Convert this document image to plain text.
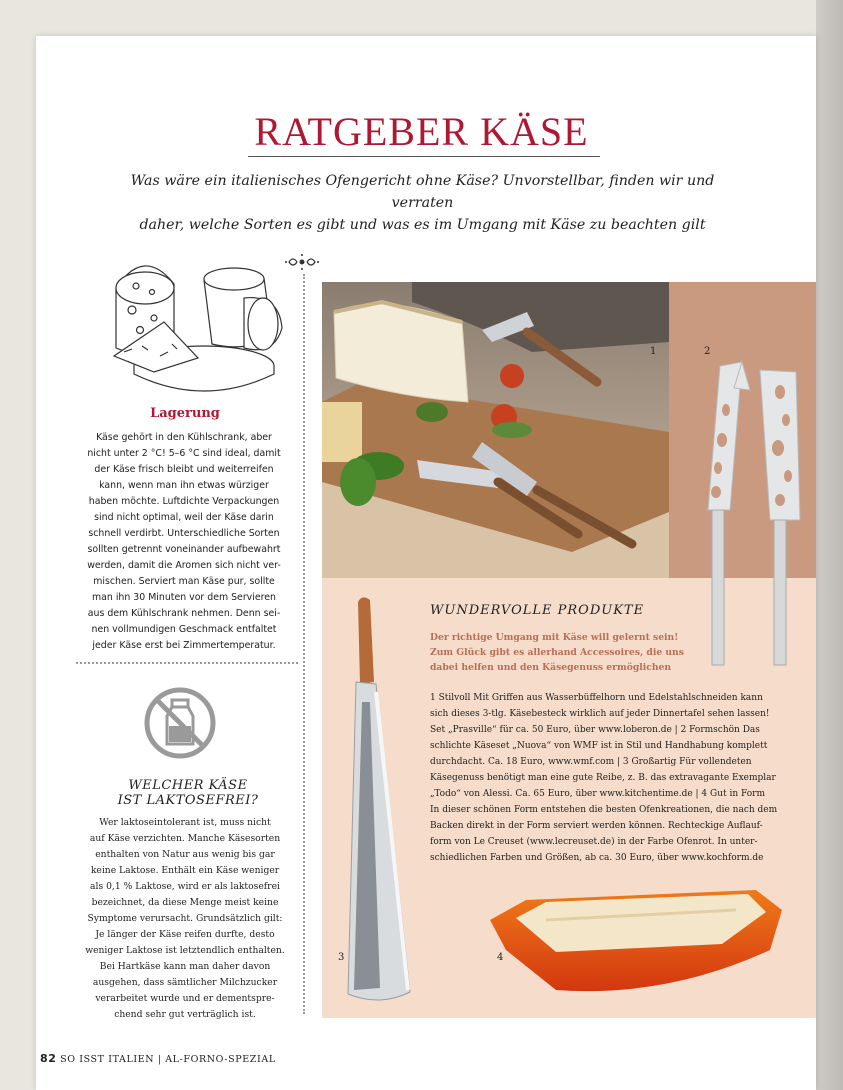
RATGEBER KÄSE
Was wäre ein italienisches Ofengericht ohne Käse? Unvorstellbar, finden wir und verraten
daher, welche Sorten es gibt und was es im Umgang mit Käse zu beachten gilt
Lagerung
Käse gehört in den Kühlschrank, aber
nicht unter 2 °C! 5–6 °C sind ideal, damit
der Käse frisch bleibt und weiterreifen
kann, wenn man ihn etwas würziger
haben möchte. Luftdichte Verpackungen
sind nicht optimal, weil der Käse darin
schnell verdirbt. Unterschiedliche Sorten
sollten getrennt voneinander aufbewahrt
werden, damit die Aromen sich nicht ver-
mischen. Serviert man Käse pur, sollte
man ihn 30 Minuten vor dem Servieren
aus dem Kühlschrank nehmen. Denn sei-
nen vollmundigen Geschmack entfaltet
jeder Käse erst bei Zimmertemperatur.
WELCHER KÄSE
IST LAKTOSEFREI?
Wer laktoseintolerant ist, muss nicht
auf Käse verzichten. Manche Käsesorten
enthalten von Natur aus wenig bis gar
keine Laktose. Enthält ein Käse weniger
als 0,1 % Laktose, wird er als laktosefrei
bezeichnet, da diese Menge meist keine
Symptome verursacht. Grundsätzlich gilt:
Je länger der Käse reifen durfte, desto
weniger Laktose ist letztendlich enthalten.
Bei Hartkäse kann man daher davon
ausgehen, dass sämtlicher Milchzucker
verarbeitet wurde und er dementspre-
chend sehr gut verträglich ist.
1	2
3	4
WUNDERVOLLE PRODUKTE
Der richtige Umgang mit Käse will gelernt sein!
Zum Glück gibt es allerhand Accessoires, die uns
dabei helfen und den Käsegenuss ermöglichen
1 Stilvoll Mit Griffen aus Wasserbüffelhorn und Edelstahlschneiden kann
sich dieses 3-tlg. Käsebesteck wirklich auf jeder Dinnertafel sehen lassen!
Set „Prasville“ für ca. 50 Euro, über www.loberon.de | 2 Formschön Das
schlichte Käseset „Nuova“ von WMF ist in Stil und Handhabung komplett
durchdacht. Ca. 18 Euro, www.wmf.com | 3 Großartig Für vollendeten
Käsegenuss benötigt man eine gute Reibe, z. B. das extravagante Exemplar
„Todo“ von Alessi. Ca. 65 Euro, über www.kitchentime.de | 4 Gut in Form
In dieser schönen Form entstehen die besten Ofenkreationen, die nach dem
Backen direkt in der Form serviert werden können. Rechteckige Auflauf-
form von Le Creuset (www.lecreuset.de) in der Farbe Ofenrot. In unter-
schiedlichen Farben und Größen, ab ca. 30 Euro, über www.kochform.de
82 SO ISST ITALIEN | AL-FORNO-SPEZIAL
